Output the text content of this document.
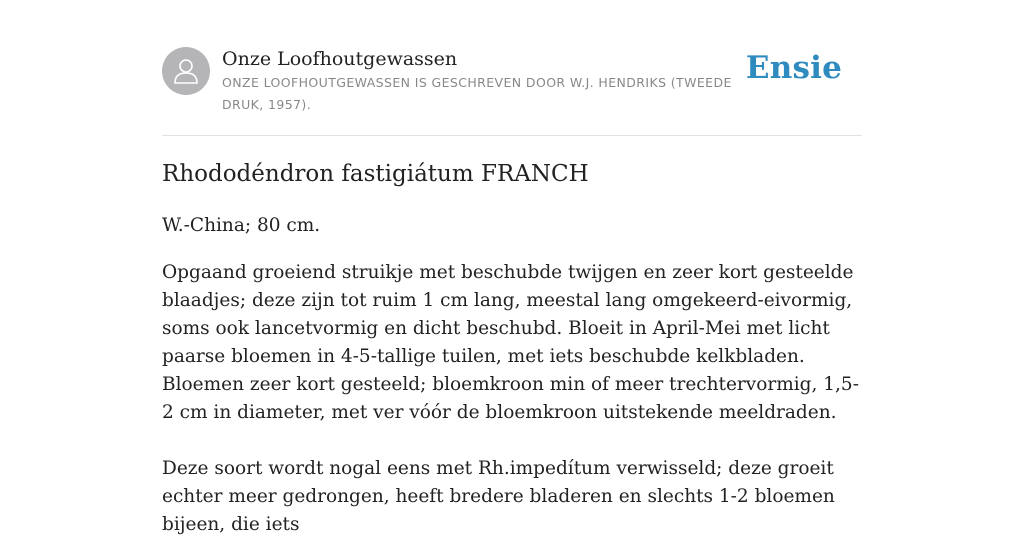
Onze Loofhoutgewassen
ONZE LOOFHOUTGEWASSEN IS GESCHREVEN DOOR W.J. HENDRIKS (TWEEDE DRUK, 1957).
Ensie
Rhododéndron fastigiátum FRANCH
W.-China; 80 cm.
Opgaand groeiend struikje met beschubde twijgen en zeer kort gesteelde blaadjes; deze zijn tot ruim 1 cm lang, meestal lang omgekeerd-eivormig, soms ook lancetvormig en dicht beschubd. Bloeit in April-Mei met licht paarse bloemen in 4-5-tallige tuilen, met iets beschubde kelkbladen. Bloemen zeer kort gesteeld; bloemkroon min of meer trechtervormig, 1,5-2 cm in diameter, met ver vóór de bloemkroon uitstekende meeldraden.
Deze soort wordt nogal eens met Rh.impedítum verwisseld; deze groeit echter meer gedrongen, heeft bredere bladeren en slechts 1-2 bloemen bijeen, die iets
